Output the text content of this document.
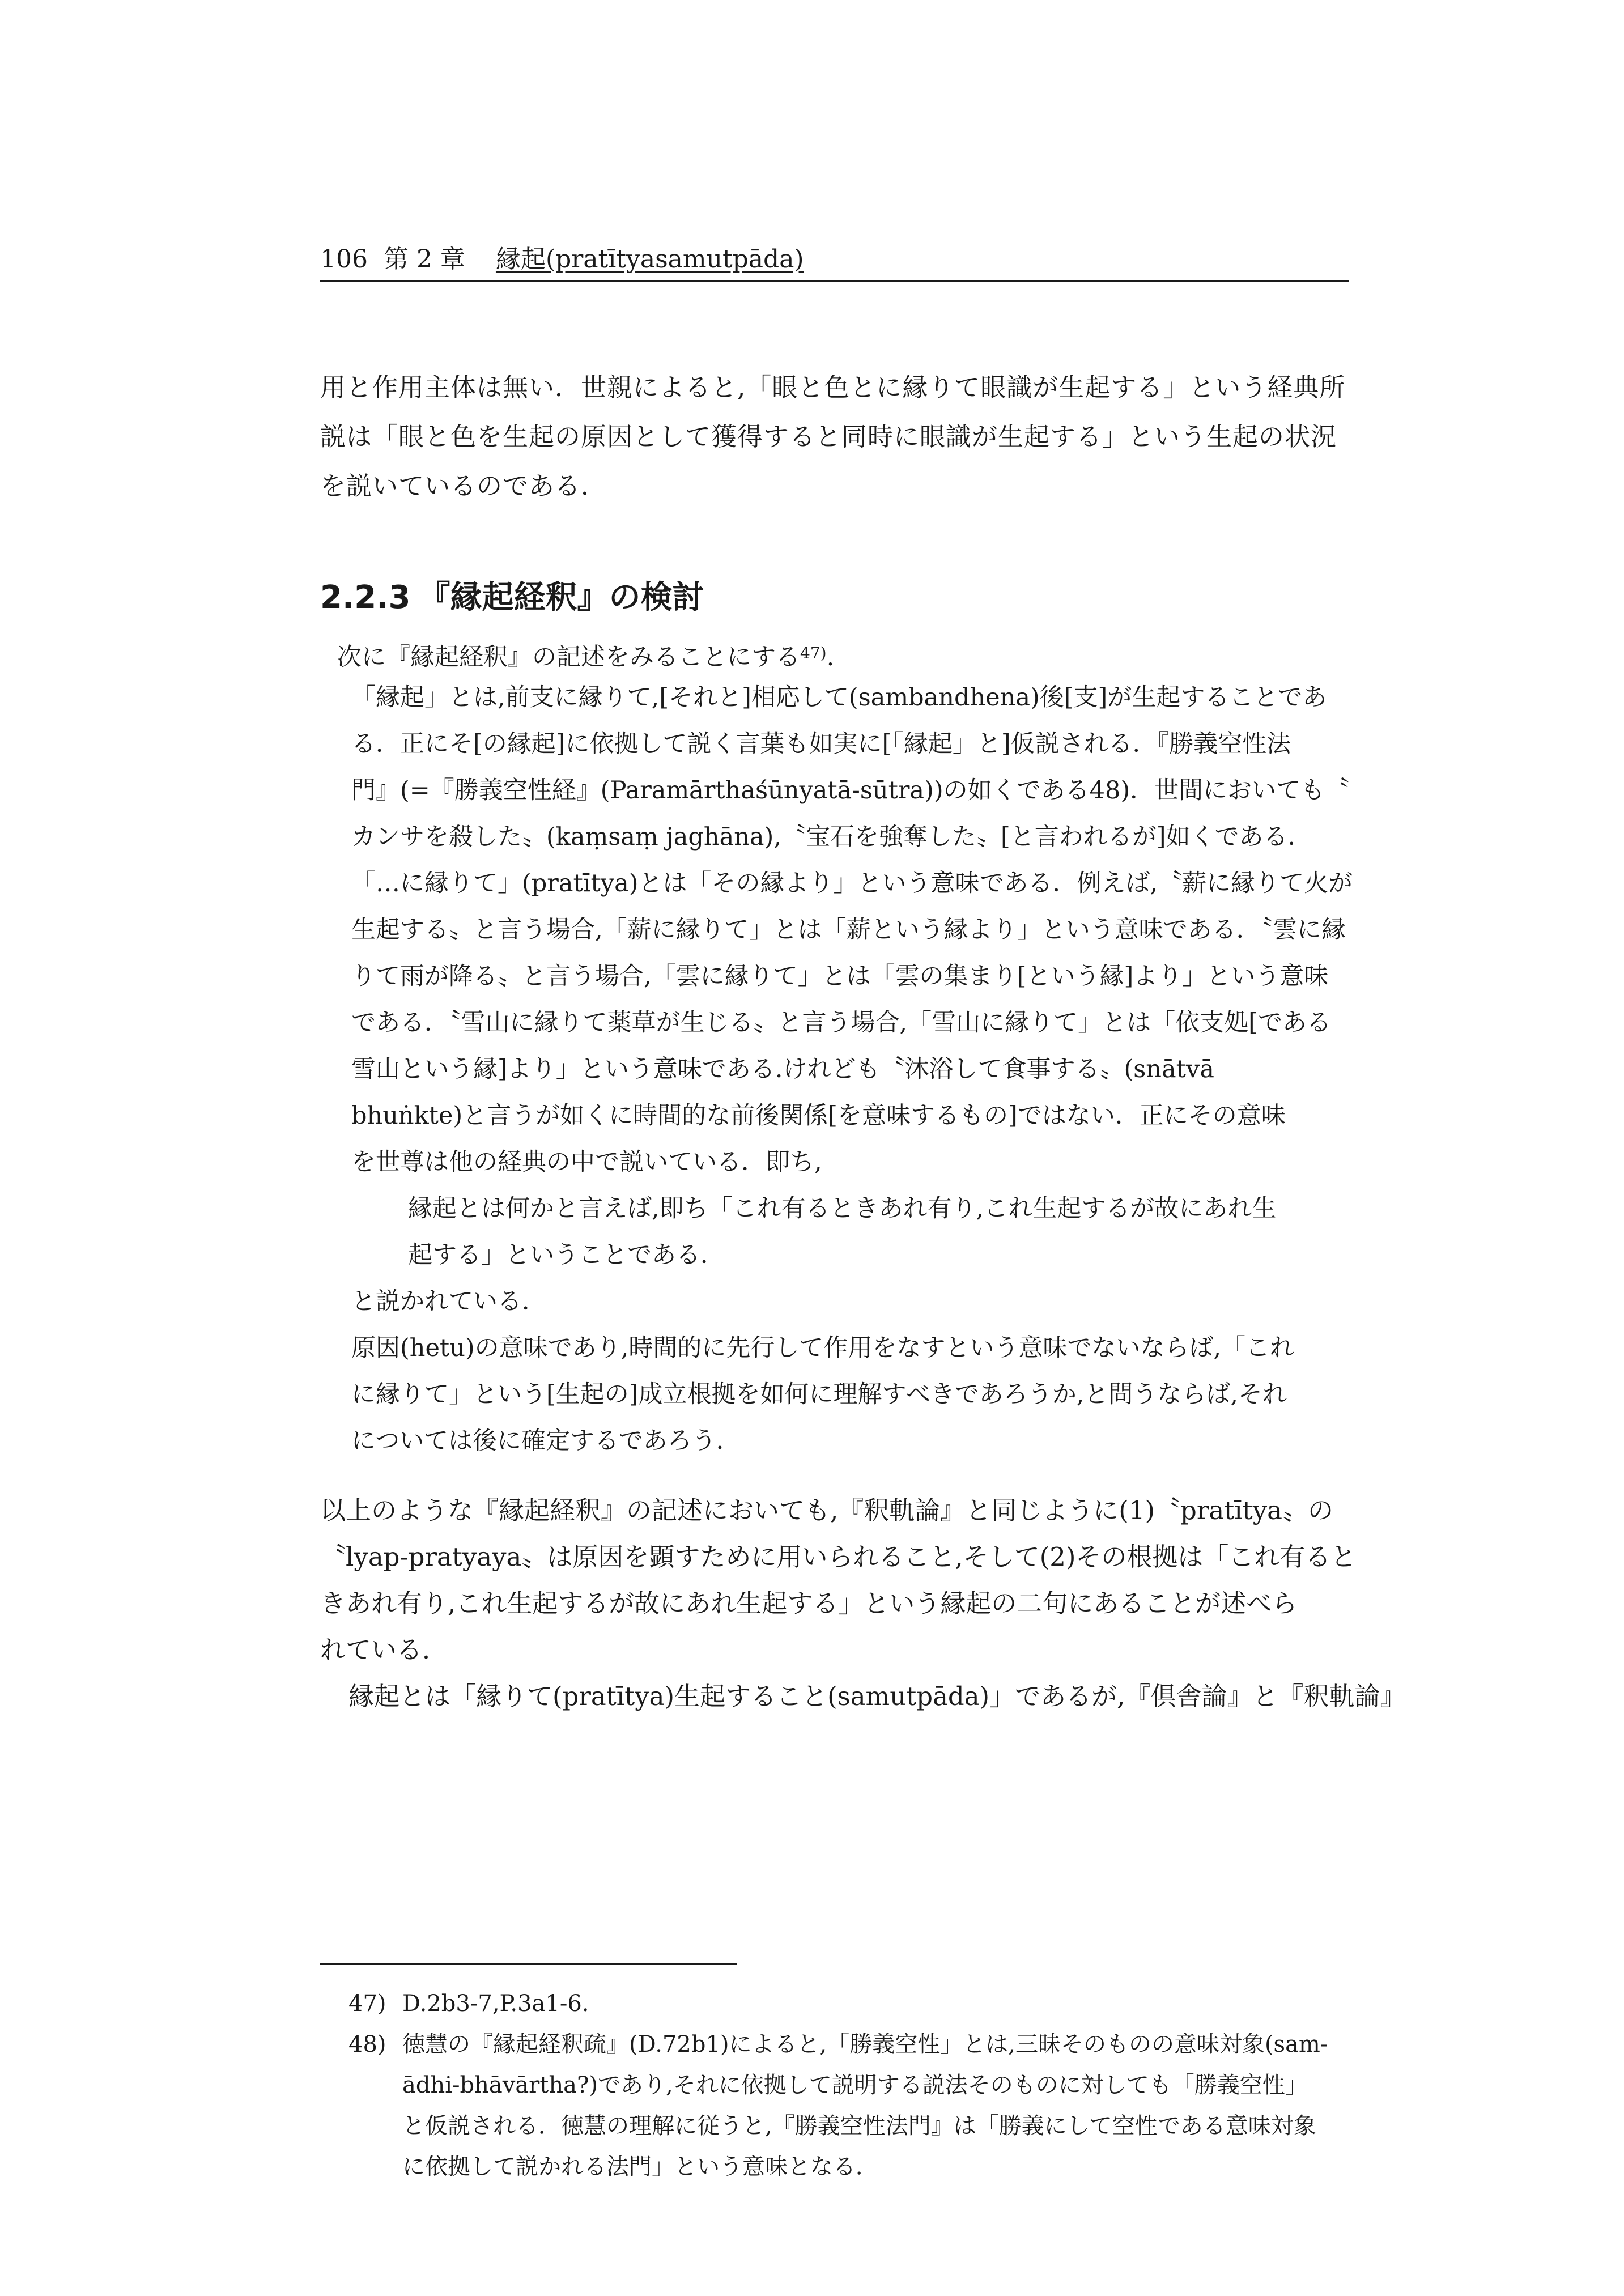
106 第 2 章 縁起(pratītyasamutpāda)
用と作用主体は無い．世親によると,「眼と色とに縁りて眼識が生起する」という経典所
説は「眼と色を生起の原因として獲得すると同時に眼識が生起する」という生起の状況
を説いているのである．
2.2.3 『縁起経釈』の検討
次に『縁起経釈』の記述をみることにする$^{47)}$.
「縁起」とは,前支に縁りて,[それと]相応して(sambandhena)後[支]が生起することであ
る．正にそ[の縁起]に依拠して説く言葉も如実に[「縁起」と]仮説される．『勝義空性法
門』(=『勝義空性経』(Paramārthaśūnyatā-sūtra))の如くである48)．世間においても〝
カンサを殺した〟(kaṃsaṃ jaghāna),〝宝石を強奪した〟[と言われるが]如くである．
「…に縁りて」(pratītya)とは「その縁より」という意味である．例えば,〝薪に縁りて火が
生起する〟と言う場合,「薪に縁りて」とは「薪という縁より」という意味である．〝雲に縁
りて雨が降る〟と言う場合,「雲に縁りて」とは「雲の集まり[という縁]より」という意味
である．〝雪山に縁りて薬草が生じる〟と言う場合,「雪山に縁りて」とは「依支処[である
雪山という縁]より」という意味である.けれども〝沐浴して食事する〟(snātvā
bhuṅkte)と言うが如くに時間的な前後関係[を意味するもの]ではない．正にその意味
を世尊は他の経典の中で説いている．即ち,
縁起とは何かと言えば,即ち「これ有るときあれ有り,これ生起するが故にあれ生
起する」ということである．
と説かれている．
原因(hetu)の意味であり,時間的に先行して作用をなすという意味でないならば,「これ
に縁りて」という[生起の]成立根拠を如何に理解すべきであろうか,と問うならば,それ
については後に確定するであろう．
以上のような『縁起経釈』の記述においても,『釈軌論』と同じように(1)〝pratītya〟の
〝lyap-pratyaya〟は原因を顕すために用いられること,そして(2)その根拠は「これ有ると
きあれ有り,これ生起するが故にあれ生起する」という縁起の二句にあることが述べら
れている．
縁起とは「縁りて(pratītya)生起すること(samutpāda)」であるが,『倶舎論』と『釈軌論』
47) D.2b3-7,P.3a1-6.
48) 徳慧の『縁起経釈疏』(D.72b1)によると,「勝義空性」とは,三昧そのものの意味対象(sam-
ādhi-bhāvārtha?)であり,それに依拠して説明する説法そのものに対しても「勝義空性」
と仮説される．徳慧の理解に従うと,『勝義空性法門』は「勝義にして空性である意味対象
に依拠して説かれる法門」という意味となる．
